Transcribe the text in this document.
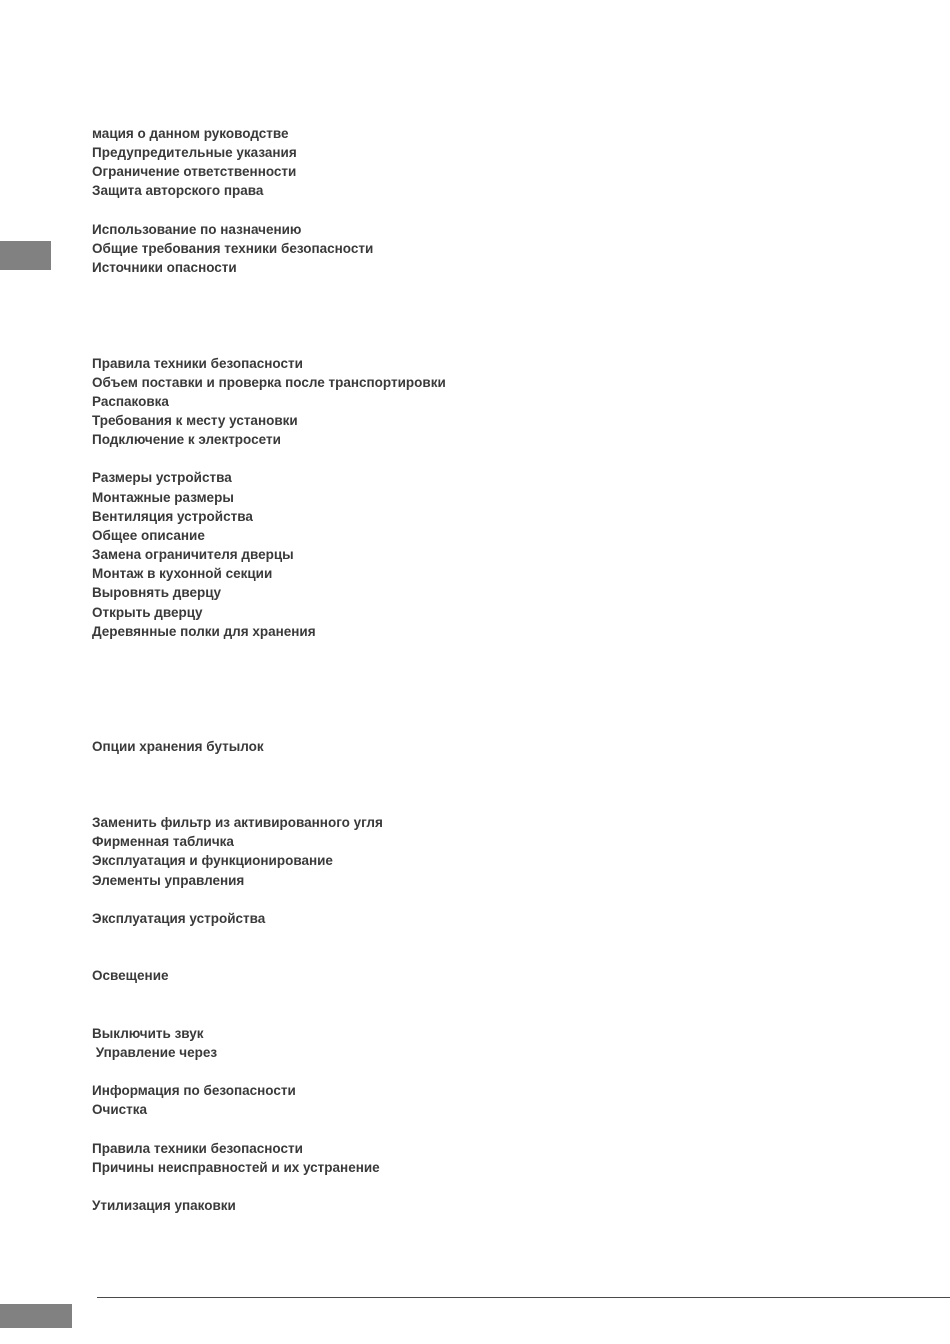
мация о данном руководстве
Предупредительные указания
Ограничение ответственности
Защита авторского права
Использование по назначению
Общие требования техники безопасности
Источники опасности
Правила техники безопасности
Объем поставки и проверка после транспортировки
Распаковка
Требования к месту установки
Подключение к электросети
Размеры устройства
Монтажные размеры
Вентиляция устройства
Общее описание
Замена ограничителя дверцы
Монтаж в кухонной секции
Выровнять дверцу
Открыть дверцу
Деревянные полки для хранения
Опции хранения бутылок
Заменить фильтр из активированного угля
Фирменная табличка
Эксплуатация и функционирование
Элементы управления
Эксплуатация устройства
Освещение
Выключить звук
Управление через
Информация по безопасности
Очистка
Правила техники безопасности
Причины неисправностей и их устранение
Утилизация упаковки
